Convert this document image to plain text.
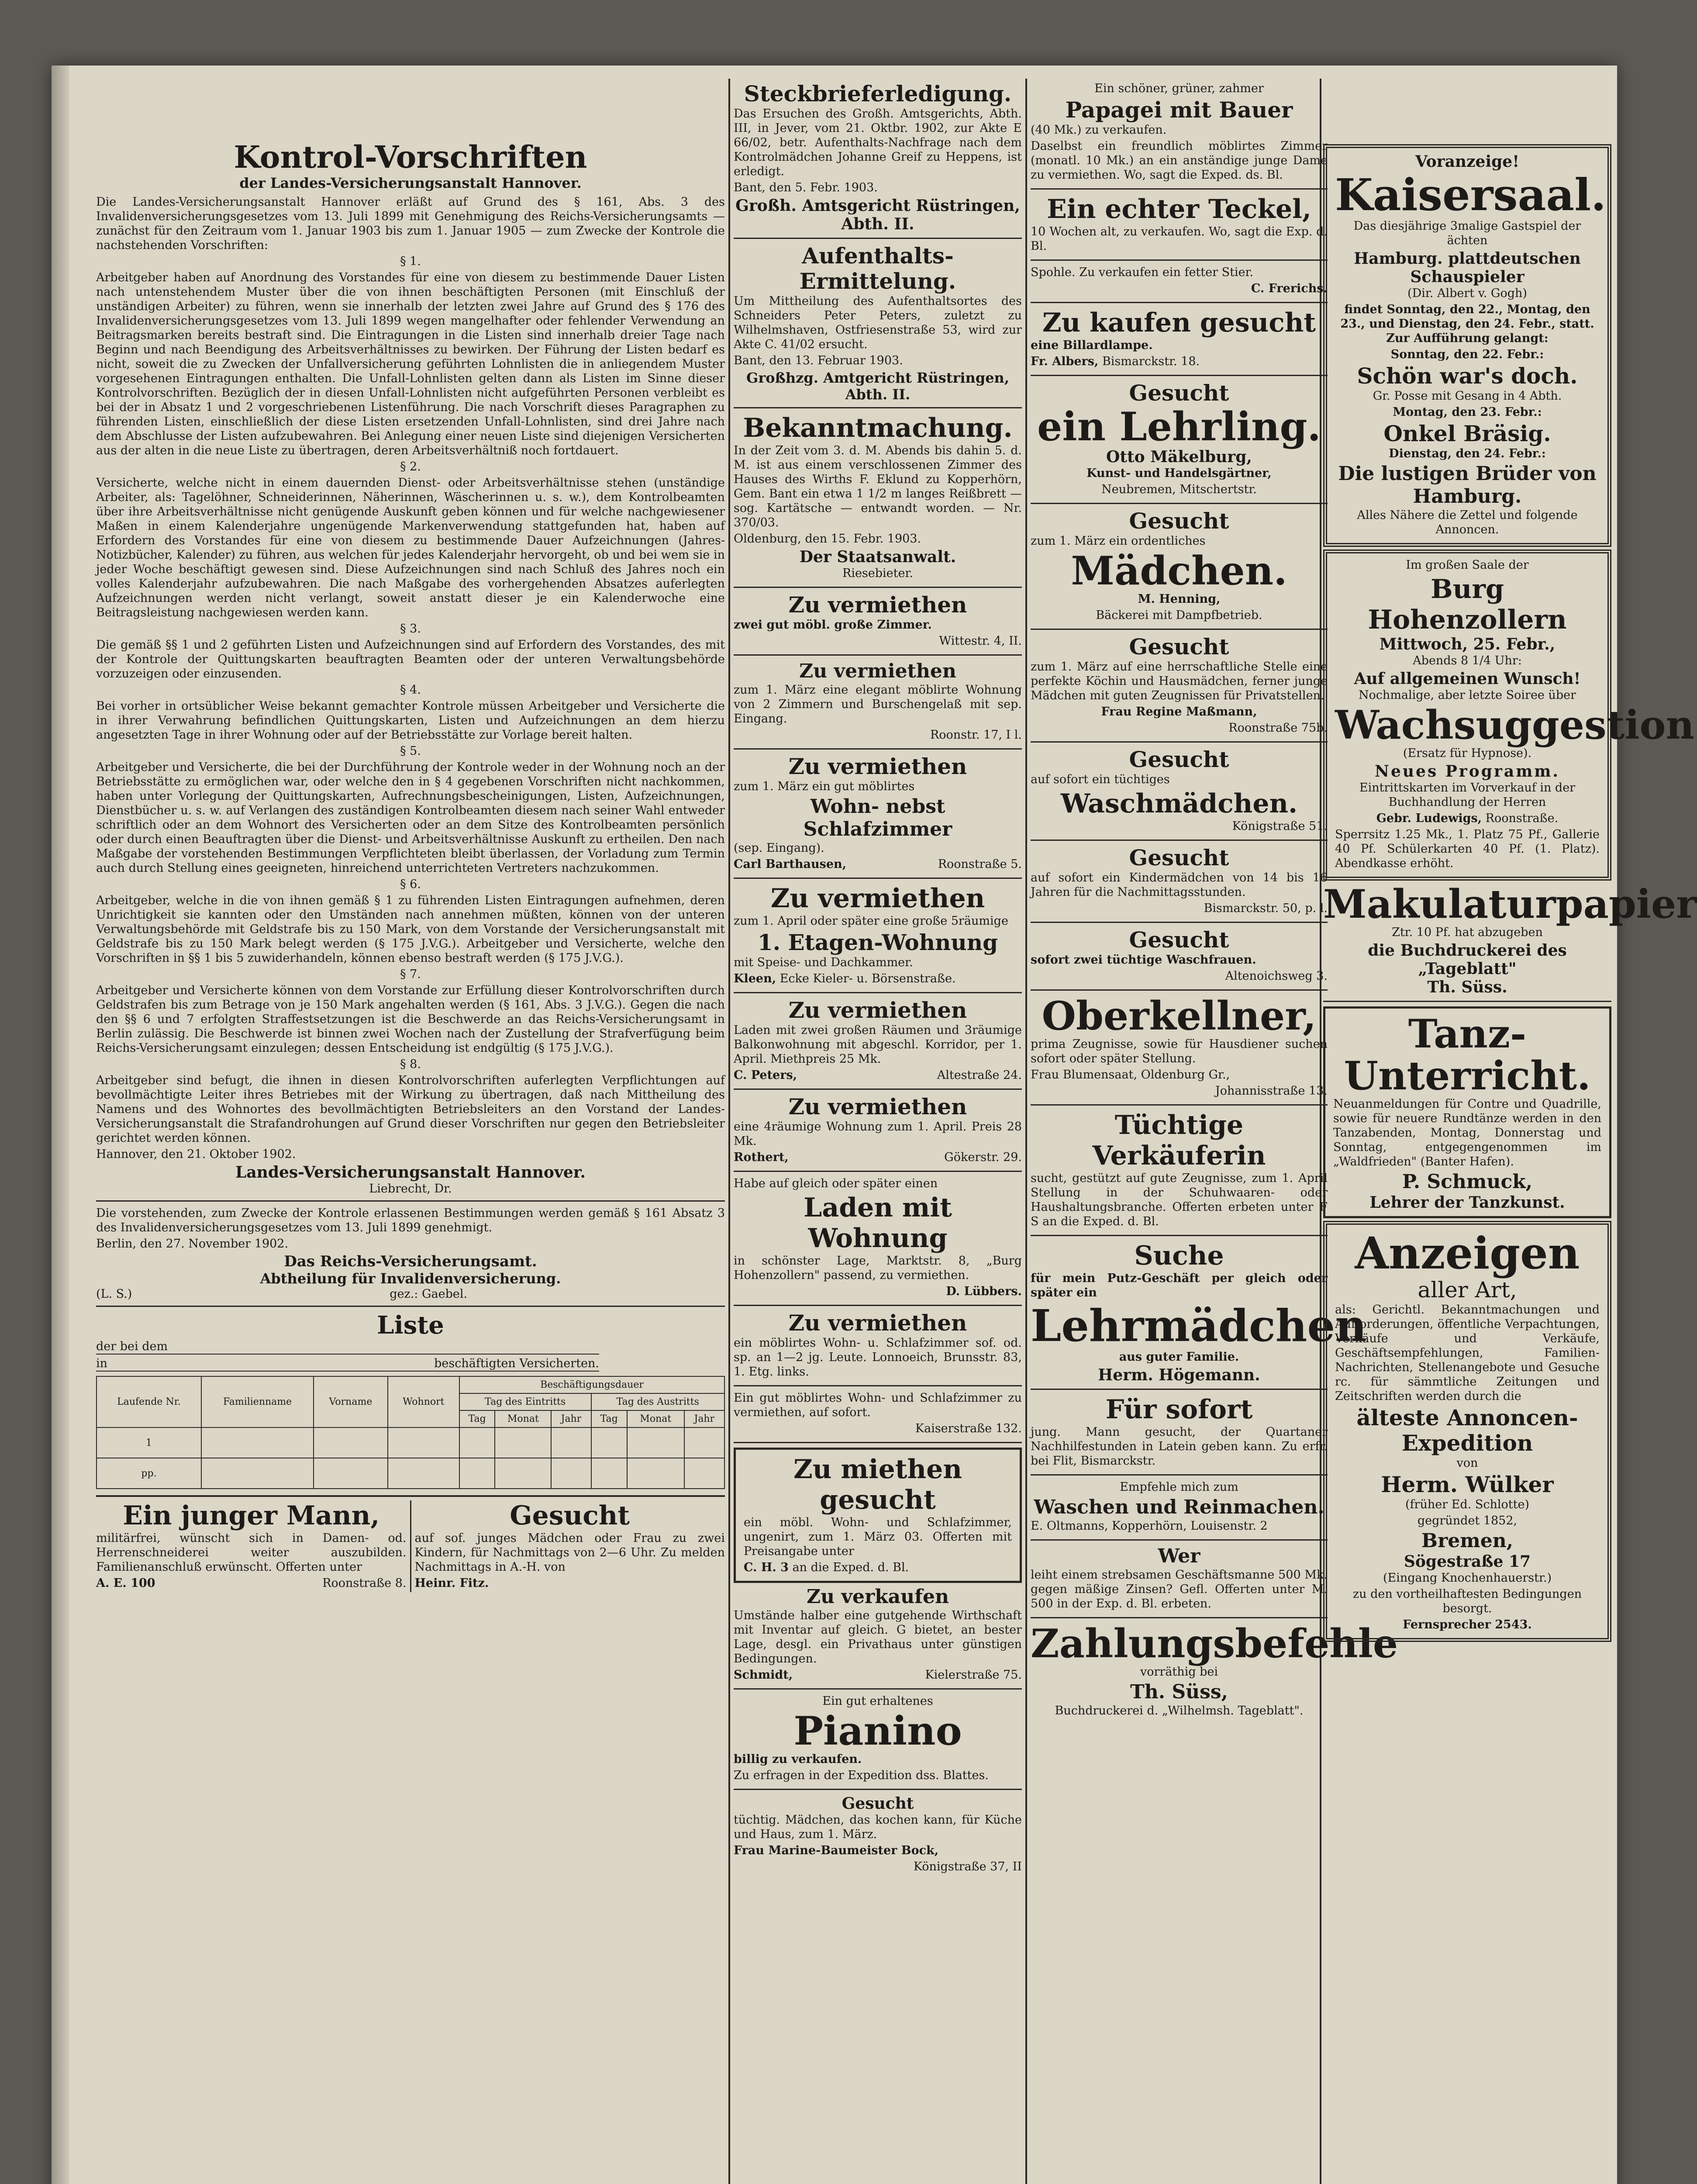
Kontrol-Vorschriften
der Landes-Versicherungsanstalt Hannover.

Die Landes-Versicherungsanstalt Hannover erläßt auf Grund des § 161, Abs. 3 des Invalidenversicherungsgesetzes vom 13. Juli 1899 mit Genehmigung des Reichs-Versicherungsamts — zunächst für den Zeitraum vom 1. Januar 1903 bis zum 1. Januar 1905 — zum Zwecke der Kontrole die nachstehenden Vorschriften:

§ 1.

Arbeitgeber haben auf Anordnung des Vorstandes für eine von diesem zu bestimmende Dauer Listen nach untenstehendem Muster über die von ihnen beschäftigten Personen (mit Einschluß der unständigen Arbeiter) zu führen, wenn sie innerhalb der letzten zwei Jahre auf Grund des § 176 des Invalidenversicherungsgesetzes vom 13. Juli 1899 wegen mangelhafter oder fehlender Verwendung an Beitragsmarken bereits bestraft sind. Die Eintragungen in die Listen sind innerhalb dreier Tage nach Beginn und nach Beendigung des Arbeitsverhältnisses zu bewirken. Der Führung der Listen bedarf es nicht, soweit die zu Zwecken der Unfallversicherung geführten Lohnlisten die in anliegendem Muster vorgesehenen Eintragungen enthalten. Die Unfall-Lohnlisten gelten dann als Listen im Sinne dieser Kontrolvorschriften. Bezüglich der in diesen Unfall-Lohnlisten nicht aufgeführten Personen verbleibt es bei der in Absatz 1 und 2 vorgeschriebenen Listenführung. Die nach Vorschrift dieses Paragraphen zu führenden Listen, einschließlich der diese Listen ersetzenden Unfall-Lohnlisten, sind drei Jahre nach dem Abschlusse der Listen aufzubewahren. Bei Anlegung einer neuen Liste sind diejenigen Versicherten aus der alten in die neue Liste zu übertragen, deren Arbeitsverhältniß noch fortdauert.

§ 2.

Versicherte, welche nicht in einem dauernden Dienst- oder Arbeitsverhältnisse stehen (unständige Arbeiter, als: Tagelöhner, Schneiderinnen, Näherinnen, Wäscherinnen u. s. w.), dem Kontrolbeamten über ihre Arbeitsverhältnisse nicht genügende Auskunft geben können und für welche nachgewiesener Maßen in einem Kalenderjahre ungenügende Markenverwendung stattgefunden hat, haben auf Erfordern des Vorstandes für eine von diesem zu bestimmende Dauer Aufzeichnungen (Jahres-Notizbücher, Kalender) zu führen, aus welchen für jedes Kalenderjahr hervorgeht, ob und bei wem sie in jeder Woche beschäftigt gewesen sind. Diese Aufzeichnungen sind nach Schluß des Jahres noch ein volles Kalenderjahr aufzubewahren. Die nach Maßgabe des vorhergehenden Absatzes auferlegten Aufzeichnungen werden nicht verlangt, soweit anstatt dieser je ein Kalenderwoche eine Beitragsleistung nachgewiesen werden kann.

§ 3.

Die gemäß §§ 1 und 2 geführten Listen und Aufzeichnungen sind auf Erfordern des Vorstandes, des mit der Kontrole der Quittungskarten beauftragten Beamten oder der unteren Verwaltungsbehörde vorzuzeigen oder einzusenden.

§ 4.

Bei vorher in ortsüblicher Weise bekannt gemachter Kontrole müssen Arbeitgeber und Versicherte die in ihrer Verwahrung befindlichen Quittungskarten, Listen und Aufzeichnungen an dem hierzu angesetzten Tage in ihrer Wohnung oder auf der Betriebsstätte zur Vorlage bereit halten.

§ 5.

Arbeitgeber und Versicherte, die bei der Durchführung der Kontrole weder in der Wohnung noch an der Betriebsstätte zu ermöglichen war, oder welche den in § 4 gegebenen Vorschriften nicht nachkommen, haben unter Vorlegung der Quittungskarten, Aufrechnungsbescheinigungen, Listen, Aufzeichnungen, Dienstbücher u. s. w. auf Verlangen des zuständigen Kontrolbeamten diesem nach seiner Wahl entweder schriftlich oder an dem Wohnort des Versicherten oder an dem Sitze des Kontrolbeamten persönlich oder durch einen Beauftragten über die Dienst- und Arbeitsverhältnisse Auskunft zu ertheilen. Den nach Maßgabe der vorstehenden Bestimmungen Verpflichteten bleibt überlassen, der Vorladung zum Termin auch durch Stellung eines geeigneten, hinreichend unterrichteten Vertreters nachzukommen.

§ 6.

Arbeitgeber, welche in die von ihnen gemäß § 1 zu führenden Listen Eintragungen aufnehmen, deren Unrichtigkeit sie kannten oder den Umständen nach annehmen müßten, können von der unteren Verwaltungsbehörde mit Geldstrafe bis zu 150 Mark, von dem Vorstande der Versicherungsanstalt mit Geldstrafe bis zu 150 Mark belegt werden (§ 175 J.V.G.). Arbeitgeber und Versicherte, welche den Vorschriften in §§ 1 bis 5 zuwiderhandeln, können ebenso bestraft werden (§ 175 J.V.G.).

§ 7.

Arbeitgeber und Versicherte können von dem Vorstande zur Erfüllung dieser Kontrolvorschriften durch Geldstrafen bis zum Betrage von je 150 Mark angehalten werden (§ 161, Abs. 3 J.V.G.). Gegen die nach den §§ 6 und 7 erfolgten Straffestsetzungen ist die Beschwerde an das Reichs-Versicherungsamt in Berlin zulässig. Die Beschwerde ist binnen zwei Wochen nach der Zustellung der Strafverfügung beim Reichs-Versicherungsamt einzulegen; dessen Entscheidung ist endgültig (§ 175 J.V.G.).

§ 8.

Arbeitgeber sind befugt, die ihnen in diesen Kontrolvorschriften auferlegten Verpflichtungen auf bevollmächtigte Leiter ihres Betriebes mit der Wirkung zu übertragen, daß nach Mittheilung des Namens und des Wohnortes des bevollmächtigten Betriebsleiters an den Vorstand der Landes-Versicherungsanstalt die Strafandrohungen auf Grund dieser Vorschriften nur gegen den Betriebsleiter gerichtet werden können.

Hannover, den 21. Oktober 1902.

Landes-Versicherungsanstalt Hannover.
Liebrecht, Dr.

Die vorstehenden, zum Zwecke der Kontrole erlassenen Bestimmungen werden gemäß § 161 Absatz 3 des Invalidenversicherungsgesetzes vom 13. Juli 1899 genehmigt.

Berlin, den 27. November 1902.

Das Reichs-Versicherungsamt.
Abtheilung für Invalidenversicherung.
(L. S.)	gez.: Gaebel.
Liste
der bei dem
in	beschäftigten Versicherten.
Laufende Nr.	Familienname	Vorname	Wohnort	Beschäftigungsdauer					
				Tag des Eintritts			Tag des Austritts		
				Tag	Monat	Jahr	Tag	Monat	Jahr
1									
pp.									
Ein junger Mann,

militärfrei, wünscht sich in Damen- od. Herrenschneiderei weiter auszubilden. Familienanschluß erwünscht. Offerten unter

A. E. 100	Roonstraße 8.
Gesucht

auf sof. junges Mädchen oder Frau zu zwei Kindern, für Nachmittags von 2—6 Uhr. Zu melden Nachmittags in A.-H. von

Heinr. Fitz.
Steckbrieferledigung.

Das Ersuchen des Großh. Amtsgerichts, Abth. III, in Jever, vom 21. Oktbr. 1902, zur Akte E 66/02, betr. Aufenthalts-Nachfrage nach dem Kontrolmädchen Johanne Greif zu Heppens, ist erledigt.

Bant, den 5. Febr. 1903.

Großh. Amtsgericht Rüstringen, Abth. II.
Aufenthalts-Ermittelung.

Um Mittheilung des Aufenthaltsortes des Schneiders Peter Peters, zuletzt zu Wilhelmshaven, Ostfriesenstraße 53, wird zur Akte C. 41/02 ersucht.

Bant, den 13. Februar 1903.

Großhzg. Amtgericht Rüstringen, Abth. II.
Bekanntmachung.

In der Zeit vom 3. d. M. Abends bis dahin 5. d. M. ist aus einem verschlossenen Zimmer des Hauses des Wirths F. Eklund zu Kopperhörn, Gem. Bant ein etwa 1 1/2 m langes Reißbrett — sog. Kartätsche — entwandt worden. — Nr. 370/03.

Oldenburg, den 15. Febr. 1903.

Der Staatsanwalt.
Riesebieter.
Zu vermiethen

zwei gut möbl. große Zimmer.

Wittestr. 4, II.

Zu vermiethen

zum 1. März eine elegant möblirte Wohnung von 2 Zimmern und Burschengelaß mit sep. Eingang.

Roonstr. 17, I l.

Zu vermiethen

zum 1. März ein gut möblirtes

Wohn- nebst Schlafzimmer

(sep. Eingang).

Carl Barthausen,	Roonstraße 5.
Zu vermiethen

zum 1. April oder später eine große 5räumige

1. Etagen-Wohnung

mit Speise- und Dachkammer.

Kleen, Ecke Kieler- u. Börsenstraße.
Zu vermiethen

Laden mit zwei großen Räumen und 3räumige Balkonwohnung mit abgeschl. Korridor, per 1. April. Miethpreis 25 Mk.

C. Peters,	Altestraße 24.
Zu vermiethen

eine 4räumige Wohnung zum 1. April. Preis 28 Mk.

Rothert,	Gökerstr. 29.

Habe auf gleich oder später einen

Laden mit Wohnung

in schönster Lage, Marktstr. 8, „Burg Hohenzollern" passend, zu vermiethen.

D. Lübbers.

Zu vermiethen

ein möblirtes Wohn- u. Schlafzimmer sof. od. sp. an 1—2 jg. Leute. Lonnoeich, Brunsstr. 83, 1. Etg. links.

Ein gut möblirtes Wohn- und Schlafzimmer zu vermiethen, auf sofort.

Kaiserstraße 132.

Zu miethen gesucht

ein möbl. Wohn- und Schlafzimmer, ungenirt, zum 1. März 03. Offerten mit Preisangabe unter

C. H. 3 an die Exped. d. Bl.
Zu verkaufen

Umstände halber eine gutgehende Wirthschaft mit Inventar auf gleich. G bietet, an bester Lage, desgl. ein Privathaus unter günstigen Bedingungen.

Schmidt,	Kielerstraße 75.

Ein gut erhaltenes

Pianino

billig zu verkaufen.

Zu erfragen in der Expedition dss. Blattes.

Gesucht

tüchtig. Mädchen, das kochen kann, für Küche und Haus, zum 1. März.

Frau Marine-Baumeister Bock,

Königstraße 37, II

Ein schöner, grüner, zahmer

Papagei mit Bauer

(40 Mk.) zu verkaufen.

Daselbst ein freundlich möblirtes Zimmer (monatl. 10 Mk.) an ein anständige junge Dame zu vermiethen. Wo, sagt die Exped. ds. Bl.

Ein echter Teckel,

10 Wochen alt, zu verkaufen. Wo, sagt die Exp. d. Bl.

Spohle. Zu verkaufen ein fetter Stier.

C. Frerichs.

Zu kaufen gesucht

eine Billardlampe.

Fr. Albers, Bismarckstr. 18.
Gesucht
ein Lehrling.
Otto Mäkelburg,
Kunst- und Handelsgärtner,
Neubremen, Mitschertstr.
Gesucht

zum 1. März ein ordentliches

Mädchen.
M. Henning,
Bäckerei mit Dampfbetrieb.
Gesucht

zum 1. März auf eine herrschaftliche Stelle eine perfekte Köchin und Hausmädchen, ferner junge Mädchen mit guten Zeugnissen für Privatstellen.

Frau Regine Maßmann,
Roonstraße 75b.
Gesucht

auf sofort ein tüchtiges

Waschmädchen.
Königstraße 51.
Gesucht

auf sofort ein Kindermädchen von 14 bis 16 Jahren für die Nachmittagsstunden.

Bismarckstr. 50, p. l.
Gesucht

sofort zwei tüchtige Waschfrauen.

Altenoichsweg 3.
Oberkellner,

prima Zeugnisse, sowie für Hausdiener suchen sofort oder später Stellung.

Frau Blumensaat, Oldenburg Gr.,

Johannisstraße 13.

Tüchtige Verkäuferin

sucht, gestützt auf gute Zeugnisse, zum 1. April Stellung in der Schuhwaaren- oder Haushaltungsbranche. Offerten erbeten unter F S an die Exped. d. Bl.

Suche

für mein Putz-Geschäft per gleich oder später ein

Lehrmädchen

aus guter Familie.

Herm. Högemann.
Für sofort

jung. Mann gesucht, der Quartaner Nachhilfestunden in Latein geben kann. Zu erfr. bei Flit, Bismarckstr.

Empfehle mich zum

Waschen und Reinmachen.

E. Oltmanns, Kopperhörn, Louisenstr. 2

Wer

leiht einem strebsamen Geschäftsmanne 500 Mk. gegen mäßige Zinsen? Gefl. Offerten unter M. 500 in der Exp. d. Bl. erbeten.

Zahlungsbefehle

vorräthig bei

Th. Süss,

Buchdruckerei d. „Wilhelmsh. Tageblatt".

Voranzeige!
Kaisersaal.

Das diesjährige 3malige Gastspiel der ächten

Hamburg. plattdeutschen Schauspieler
(Dir. Albert v. Gogh)

findet Sonntag, den 22., Montag, den 23., und Dienstag, den 24. Febr., statt. Zur Aufführung gelangt:

Sonntag, den 22. Febr.:
Schön war's doch.
Gr. Posse mit Gesang in 4 Abth.
Montag, den 23. Febr.:
Onkel Bräsig.
Dienstag, den 24. Febr.:
Die lustigen Brüder von Hamburg.
Alles Nähere die Zettel und folgende Annoncen.

Im großen Saale der

Burg Hohenzollern
Mittwoch, 25. Febr.,
Abends 8 1/4 Uhr:
Auf allgemeinen Wunsch!

Nochmalige, aber letzte Soiree über

Wachsuggestion
(Ersatz für Hypnose).
Neues Programm.

Eintrittskarten im Vorverkauf in der Buchhandlung der Herren

Gebr. Ludewigs, Roonstraße.

Sperrsitz 1.25 Mk., 1. Platz 75 Pf., Gallerie 40 Pf. Schülerkarten 40 Pf. (1. Platz). Abendkasse erhöht.

Makulaturpapier

Ztr. 10 Pf. hat abzugeben

die Buchdruckerei des „Tageblatt"
Th. Süss.
Tanz-Unterricht.

Neuanmeldungen für Contre und Quadrille, sowie für neuere Rundtänze werden in den Tanzabenden, Montag, Donnerstag und Sonntag, entgegengenommen im „Waldfrieden" (Banter Hafen).

P. Schmuck,
Lehrer der Tanzkunst.
Anzeigen
aller Art,

als: Gerichtl. Bekanntmachungen und Aufforderungen, öffentliche Verpachtungen, Verkäufe und Verkäufe, Geschäftsempfehlungen, Familien-Nachrichten, Stellenangebote und Gesuche rc. für sämmtliche Zeitungen und Zeitschriften werden durch die

älteste Annoncen-Expedition
von
Herm. Wülker
(früher Ed. Schlotte)
gegründet 1852,
Bremen,
Sögestraße 17
(Eingang Knochenhauerstr.)

zu den vortheilhaftesten Bedingungen besorgt.

Fernsprecher 2543.
